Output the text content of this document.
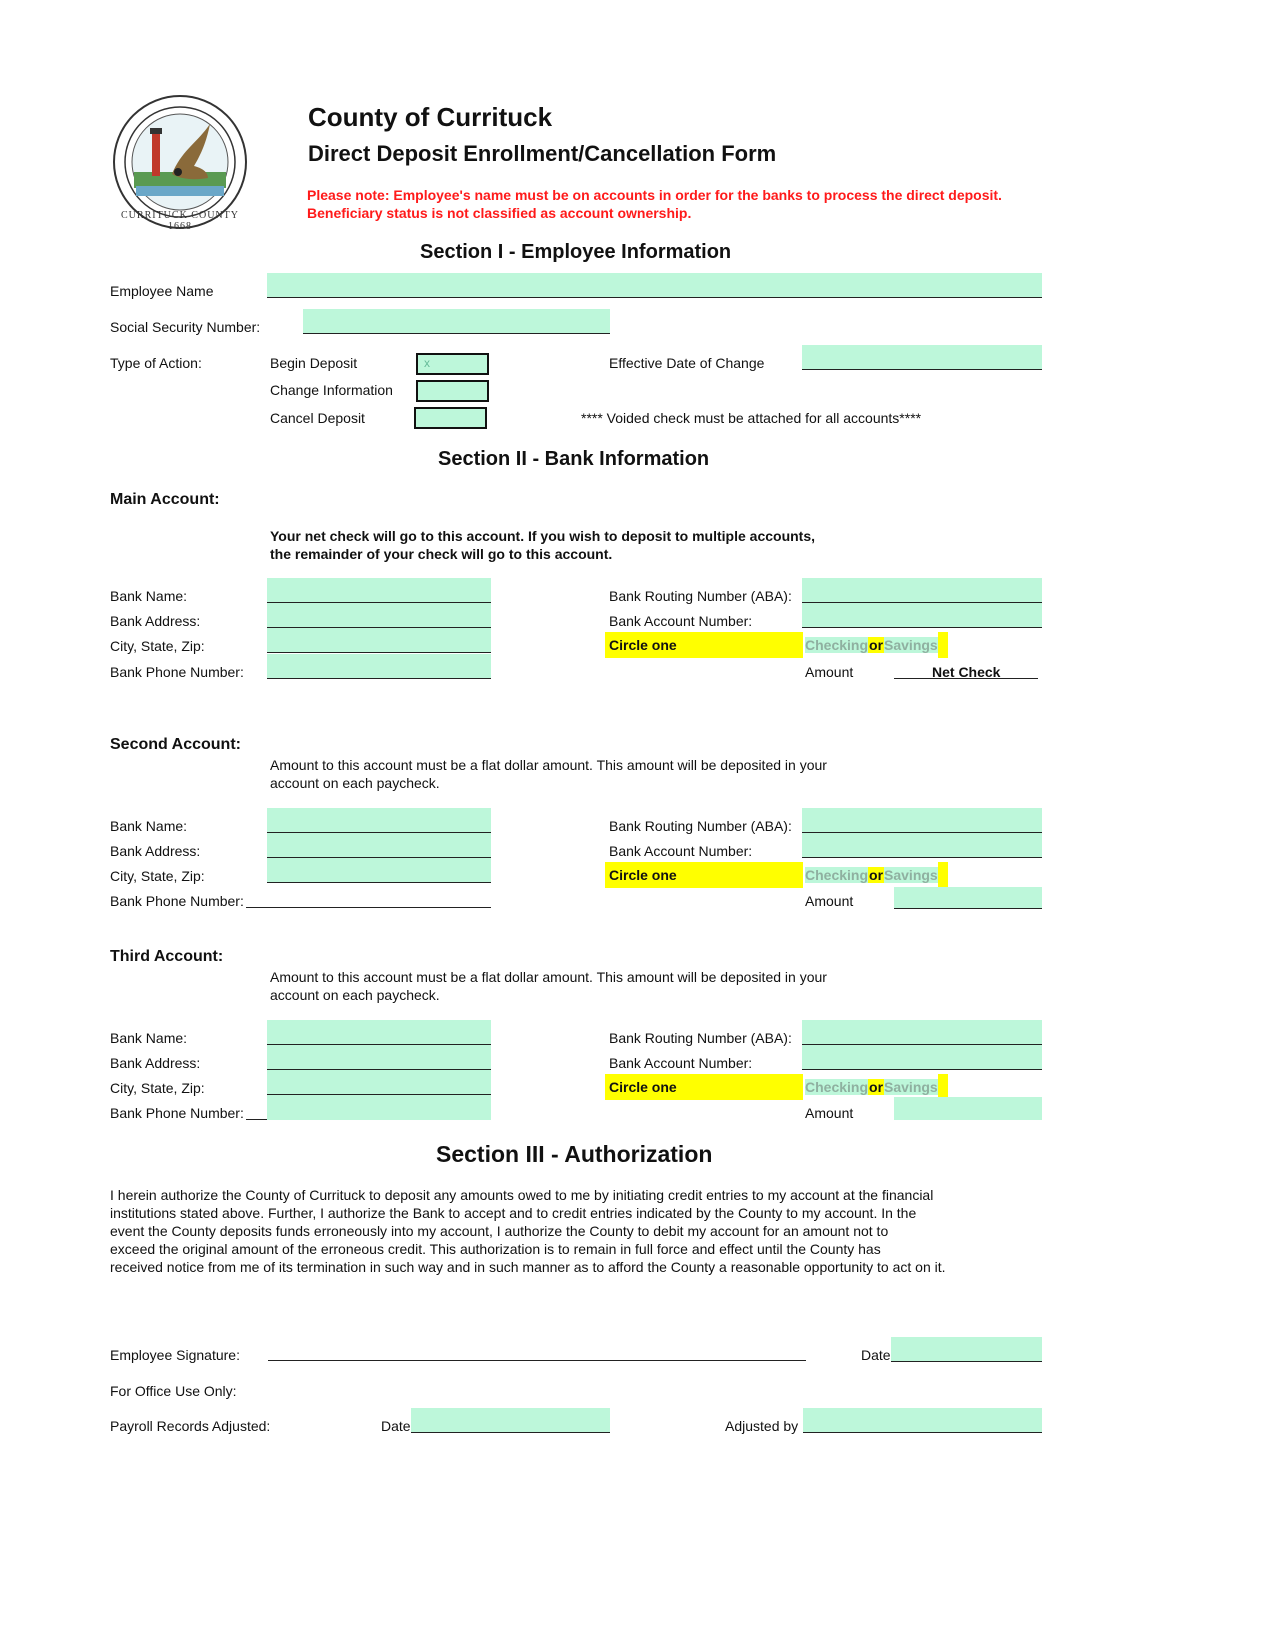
CURRITUCK COUNTY 1668
County of Currituck
Direct Deposit Enrollment/Cancellation Form
Please note: Employee's name must be on accounts in order for the banks to process the direct deposit.
Beneficiary status is not classified as account ownership.
Section I - Employee Information
Employee Name
Social Security Number:
Type of Action:	Begin Deposit	x
Change Information
Cancel Deposit
Effective Date of Change
**** Voided check must be attached for all accounts****
Section II - Bank Information
Main Account:
Your net check will go to this account. If you wish to deposit to multiple accounts,
the remainder of your check will go to this account.
Bank Name:
Bank Address:
City, State, Zip:
Bank Phone Number:
Bank Routing Number (ABA):
Bank Account Number:
Circle one	CheckingorSavings
Amount	Net Check
Second Account:
Amount to this account must be a flat dollar amount. This amount will be deposited in your
account on each paycheck.
Bank Name:
Bank Address:
City, State, Zip:
Bank Phone Number:
Bank Routing Number (ABA):
Bank Account Number:
Circle one	CheckingorSavings
Amount
Third Account:
Amount to this account must be a flat dollar amount. This amount will be deposited in your
account on each paycheck.
Bank Name:
Bank Address:
City, State, Zip:
Bank Phone Number:
Bank Routing Number (ABA):
Bank Account Number:
Circle one	CheckingorSavings
Amount
Section III - Authorization
I herein authorize the County of Currituck to deposit any amounts owed to me by initiating credit entries to my account at the financial
institutions stated above. Further, I authorize the Bank to accept and to credit entries indicated by the County to my account. In the
event the County deposits funds erroneously into my account, I authorize the County to debit my account for an amount not to
exceed the original amount of the erroneous credit. This authorization is to remain in full force and effect until the County has
received notice from me of its termination in such way and in such manner as to afford the County a reasonable opportunity to act on it.
Employee Signature:	Date
For Office Use Only:
Payroll Records Adjusted:	Date	Adjusted by
